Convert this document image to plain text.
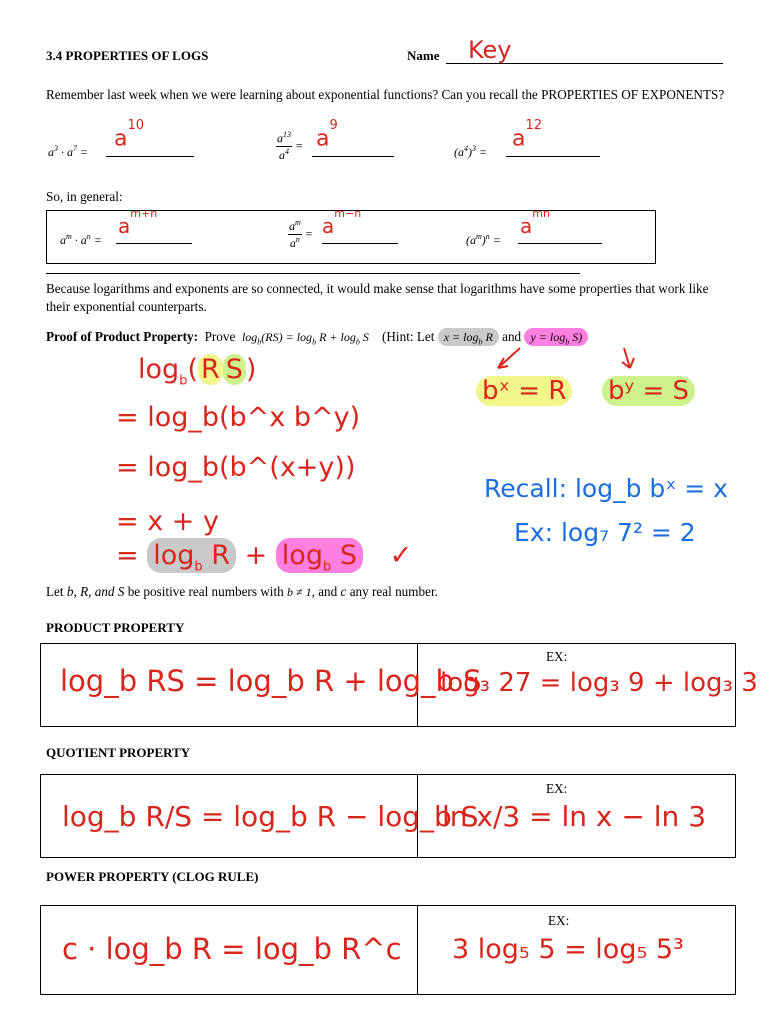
3.4 PROPERTIES OF LOGS	Name Key
Remember last week when we were learning about exponential functions? Can you recall the PROPERTIES OF EXPONENTS?
$a^3 \cdot a^7$ =
$a^{10}$
$\frac{a^{13}}{a^4} = a^9$
$(a^4)^3$ =
$a^{12}$
So, in general:
$a^m \cdot a^n$ =
$a^{m+n}$
$\frac{a^m}{a^n} = a^{m-n}$
$(a^m)^n$ =
$a^{mn}$
Because logarithms and exponents are so connected, it would make sense that logarithms have some properties that work like their exponential counterparts.
Proof of Product Property: Prove $\log_b(RS) = \log_b R + \log_b S$ (Hint: Let $x = \log_b R$ and $y = \log_b S$)
$\log_b$( R S )
= log_b(b^x b^y)
= log_b(b^(x+y))
= x + y
= $\log_b R + \log_b S$ ✓
bˣ = R bʸ = S
Recall: log_b bˣ = x
Ex: log₇ 7² = 2
Let b, R, and S be positive real numbers with b ≠ 1, and c any real number.
PRODUCT PROPERTY
EX:
log_b RS = log_b R + log_b S
log₃ 27 = log₃ 9 + log₃ 3
QUOTIENT PROPERTY
EX:
log_b R/S = log_b R − log_b S
ln x/3 = ln x − ln 3
POWER PROPERTY (CLOG RULE)
EX:
c · log_b R = log_b R^c 3 log₅ 5 = log₅ 5³
